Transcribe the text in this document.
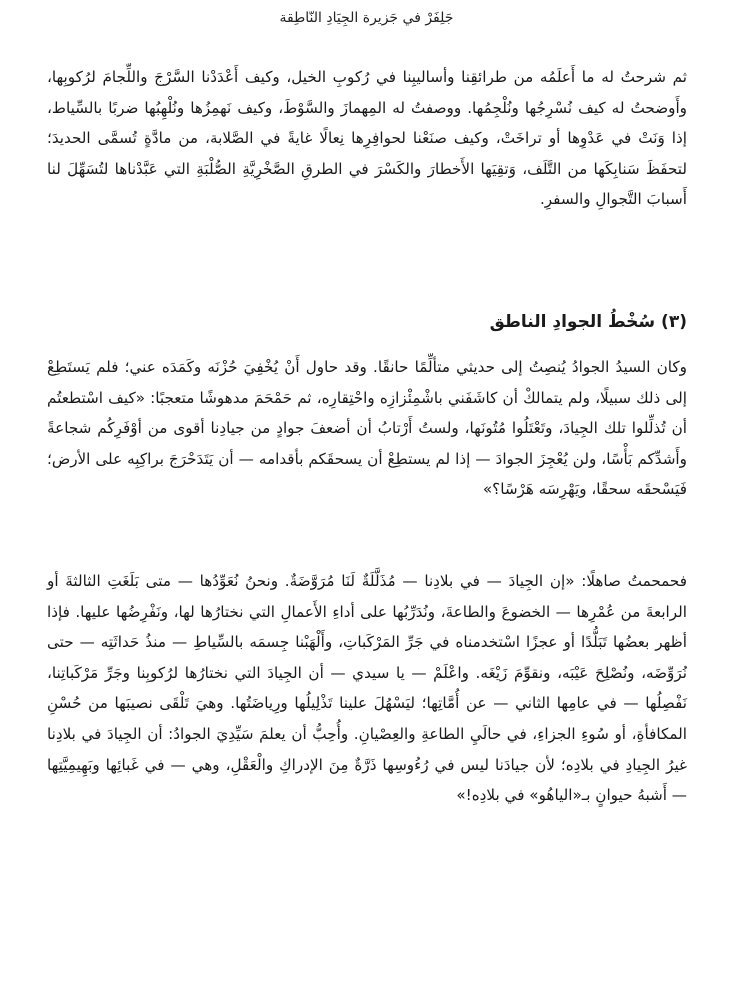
جَلِفَرْ في جَزيرة الجِيَادِ النّاطِقة
ثم شرحتُ له ما أَعلَمُه من طرائقِنا وأساليبِنا في رُكوبِ الخيل، وكيف أَعْدَدْنا السَّرْجَ واللِّجامَ لرُكوبِها، وأَوضحتُ له كيف نُسْرِجُها ونُلْجِمُها. ووصفتُ له المِهمازَ والسَّوْطَ، وكيف نَهمِزُها ونُلْهِبُها ضربًا بالسِّياط، إذا وَنَتْ في عَدْوِها أو تراخَتْ، وكيف صنَعْنا لحوافِرِها نِعالًا غايةً في الصَّلابة، من مادَّةٍ تُسمَّى الحديدَ؛ لتحفَظَ سَنابِكَها من التَّلَف، وَتقِيَها الأَخطارَ والكَسْرَ في الطرقِ الصَّخْرِيَّةِ الصُّلْبَةِ التي عَبَّدْناها لتُسَهِّلَ لنا أَسبابَ التَّجوالِ والسفرِ.
(٣) سُخْطُ الجوادِ الناطق
وكان السيدُ الجوادُ يُنصِتُ إلى حديثي متألِّمًا حانقًا. وقد حاول أَنْ يُخْفِيَ حُزْنَه وكَمَدَه عني؛ فلم يَستَطِعْ إلى ذلك سبيلًا، ولم يتمالكْ أن كاشَفَني باشْمِئْزازِه واحْتِقارِه، ثم حَمْحَمَ مدهوشًا متعجبًا: «كيف اسْتطعتُم أن تُذلِّلوا تلك الجِيادَ، وتَعْتَلُوا مُتُونَها، ولستُ أَرْتابُ أن أضعفَ جوادٍ من جيادِنا أقوى من أوْفَرِكُم شجاعةً وأَشدِّكم بَأْسًا، ولن يُعْجِزَ الجوادَ — إذا لم يستطِعْ أن يسحقَكم بأقدامه — أن يَتَدَحْرَجَ براكِبِه على الأرض؛ فَيَسْحقَه سحقًا، ويَهْرِسَه هَرْسًا؟»
فحمحمتُ صاهلًا: «إن الجِيادَ — في بلادِنا — مُذَلَّلَةٌ لَنَا مُرَوَّضَةٌ. ونحنُ نُعَوِّدُها — متى بَلَغَتِ الثالثةَ أو الرابعةَ من عُمْرِها — الخضوعَ والطاعةَ، ونُدَرِّبُها على أداءِ الأَعمالِ التي نختارُها لها، ونَفْرِضُها عليها. فإذا أظهر بعضُها تَبَلُّدًا أو عجزًا اسْتخدمناه في جَرِّ المَرْكَباتِ، وأَلْهَبْنا جِسمَه بالسِّياطِ — منذُ حَداثَتِه — حتى نُرَوِّضَه، ونُصْلِحَ عَيْبَه، ونقوِّمَ زَيْغَه. واعْلَمْ — يا سيدي — أن الجِيادَ التي نختارُها لرُكوبِنا وجَرِّ مَرْكَباتِنا، نَفْصِلُها — في عامِها الثاني — عن أُمَّاتِها؛ ليَسْهُلَ علينا تَذْلِيلُها ورِياضَتُها. وهيَ تَلْقَى نصيبَها من حُسْنِ المكافأةِ، أو سُوءِ الجزاءِ، في حالَيِ الطاعةِ والعِصْيانِ. وأُحِبُّ أن يعلمَ سَيِّدِيَ الجوادُ: أن الجِيادَ في بلادِنا غيرُ الجِيادِ في بلادِه؛ لأن جيادَنا ليس في رُءُوسِها ذَرَّةٌ مِنَ الإدراكِ والْعَقْلِ، وهي — في غَبائِها وبَهِيمِيَّتِها — أَشبهُ حيوانٍ بـ«الياهُو» في بلادِه!»
